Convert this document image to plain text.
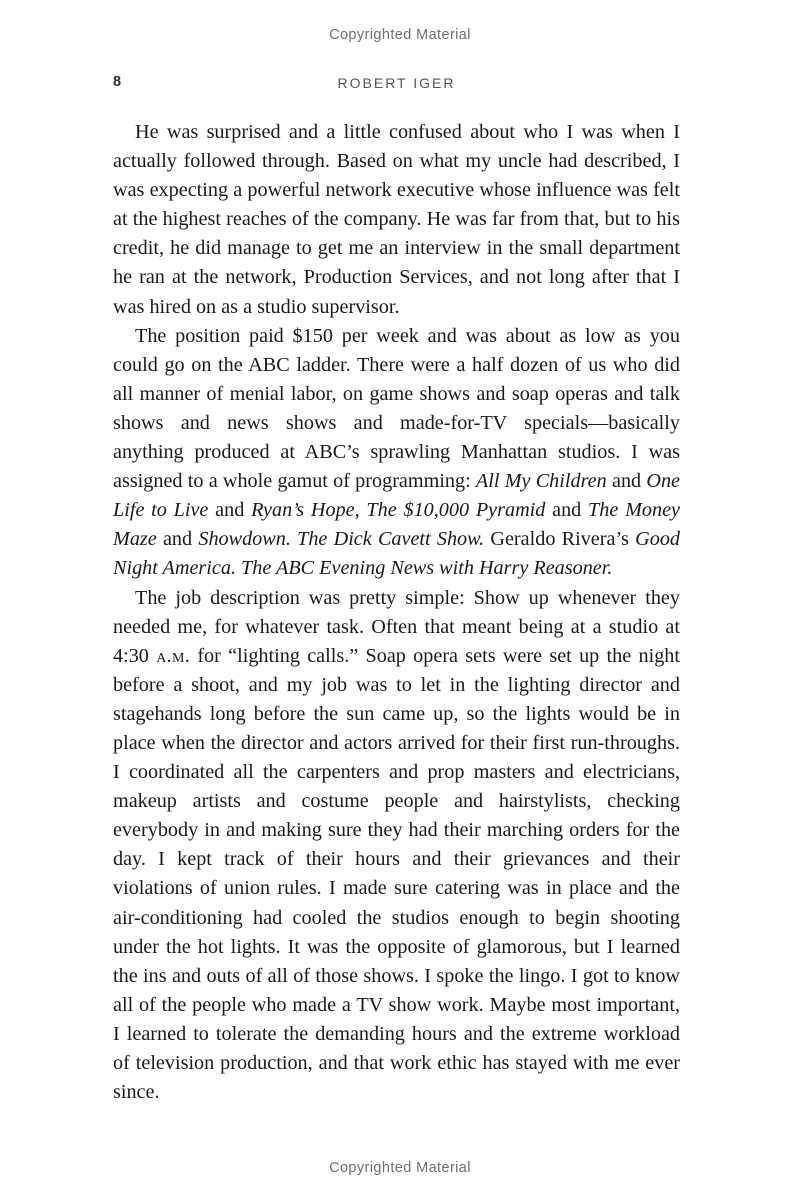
Copyrighted Material
8	ROBERT IGER

He was surprised and a little confused about who I was when I actually followed through. Based on what my uncle had described, I was expecting a powerful network executive whose influence was felt at the highest reaches of the company. He was far from that, but to his credit, he did manage to get me an interview in the small department he ran at the network, Production Services, and not long after that I was hired on as a studio supervisor.

The position paid $150 per week and was about as low as you could go on the ABC ladder. There were a half dozen of us who did all manner of menial labor, on game shows and soap operas and talk shows and news shows and made-for-TV specials—basically anything produced at ABC’s sprawling Manhattan studios. I was assigned to a whole gamut of programming: All My Children and One Life to Live and Ryan’s Hope, The $10,000 Pyramid and The Money Maze and Showdown. The Dick Cavett Show. Geraldo Rivera’s Good Night America. The ABC Evening News with Harry Reasoner.

The job description was pretty simple: Show up whenever they needed me, for whatever task. Often that meant being at a studio at 4:30 a.m. for “lighting calls.” Soap opera sets were set up the night before a shoot, and my job was to let in the lighting director and stagehands long before the sun came up, so the lights would be in place when the director and actors arrived for their first run-throughs. I coordinated all the carpenters and prop masters and electricians, makeup artists and costume people and hairstylists, checking everybody in and making sure they had their marching orders for the day. I kept track of their hours and their grievances and their violations of union rules. I made sure catering was in place and the air-conditioning had cooled the studios enough to begin shooting under the hot lights. It was the opposite of glamorous, but I learned the ins and outs of all of those shows. I spoke the lingo. I got to know all of the people who made a TV show work. Maybe most important, I learned to tolerate the demanding hours and the extreme workload of television production, and that work ethic has stayed with me ever since.

Copyrighted Material
